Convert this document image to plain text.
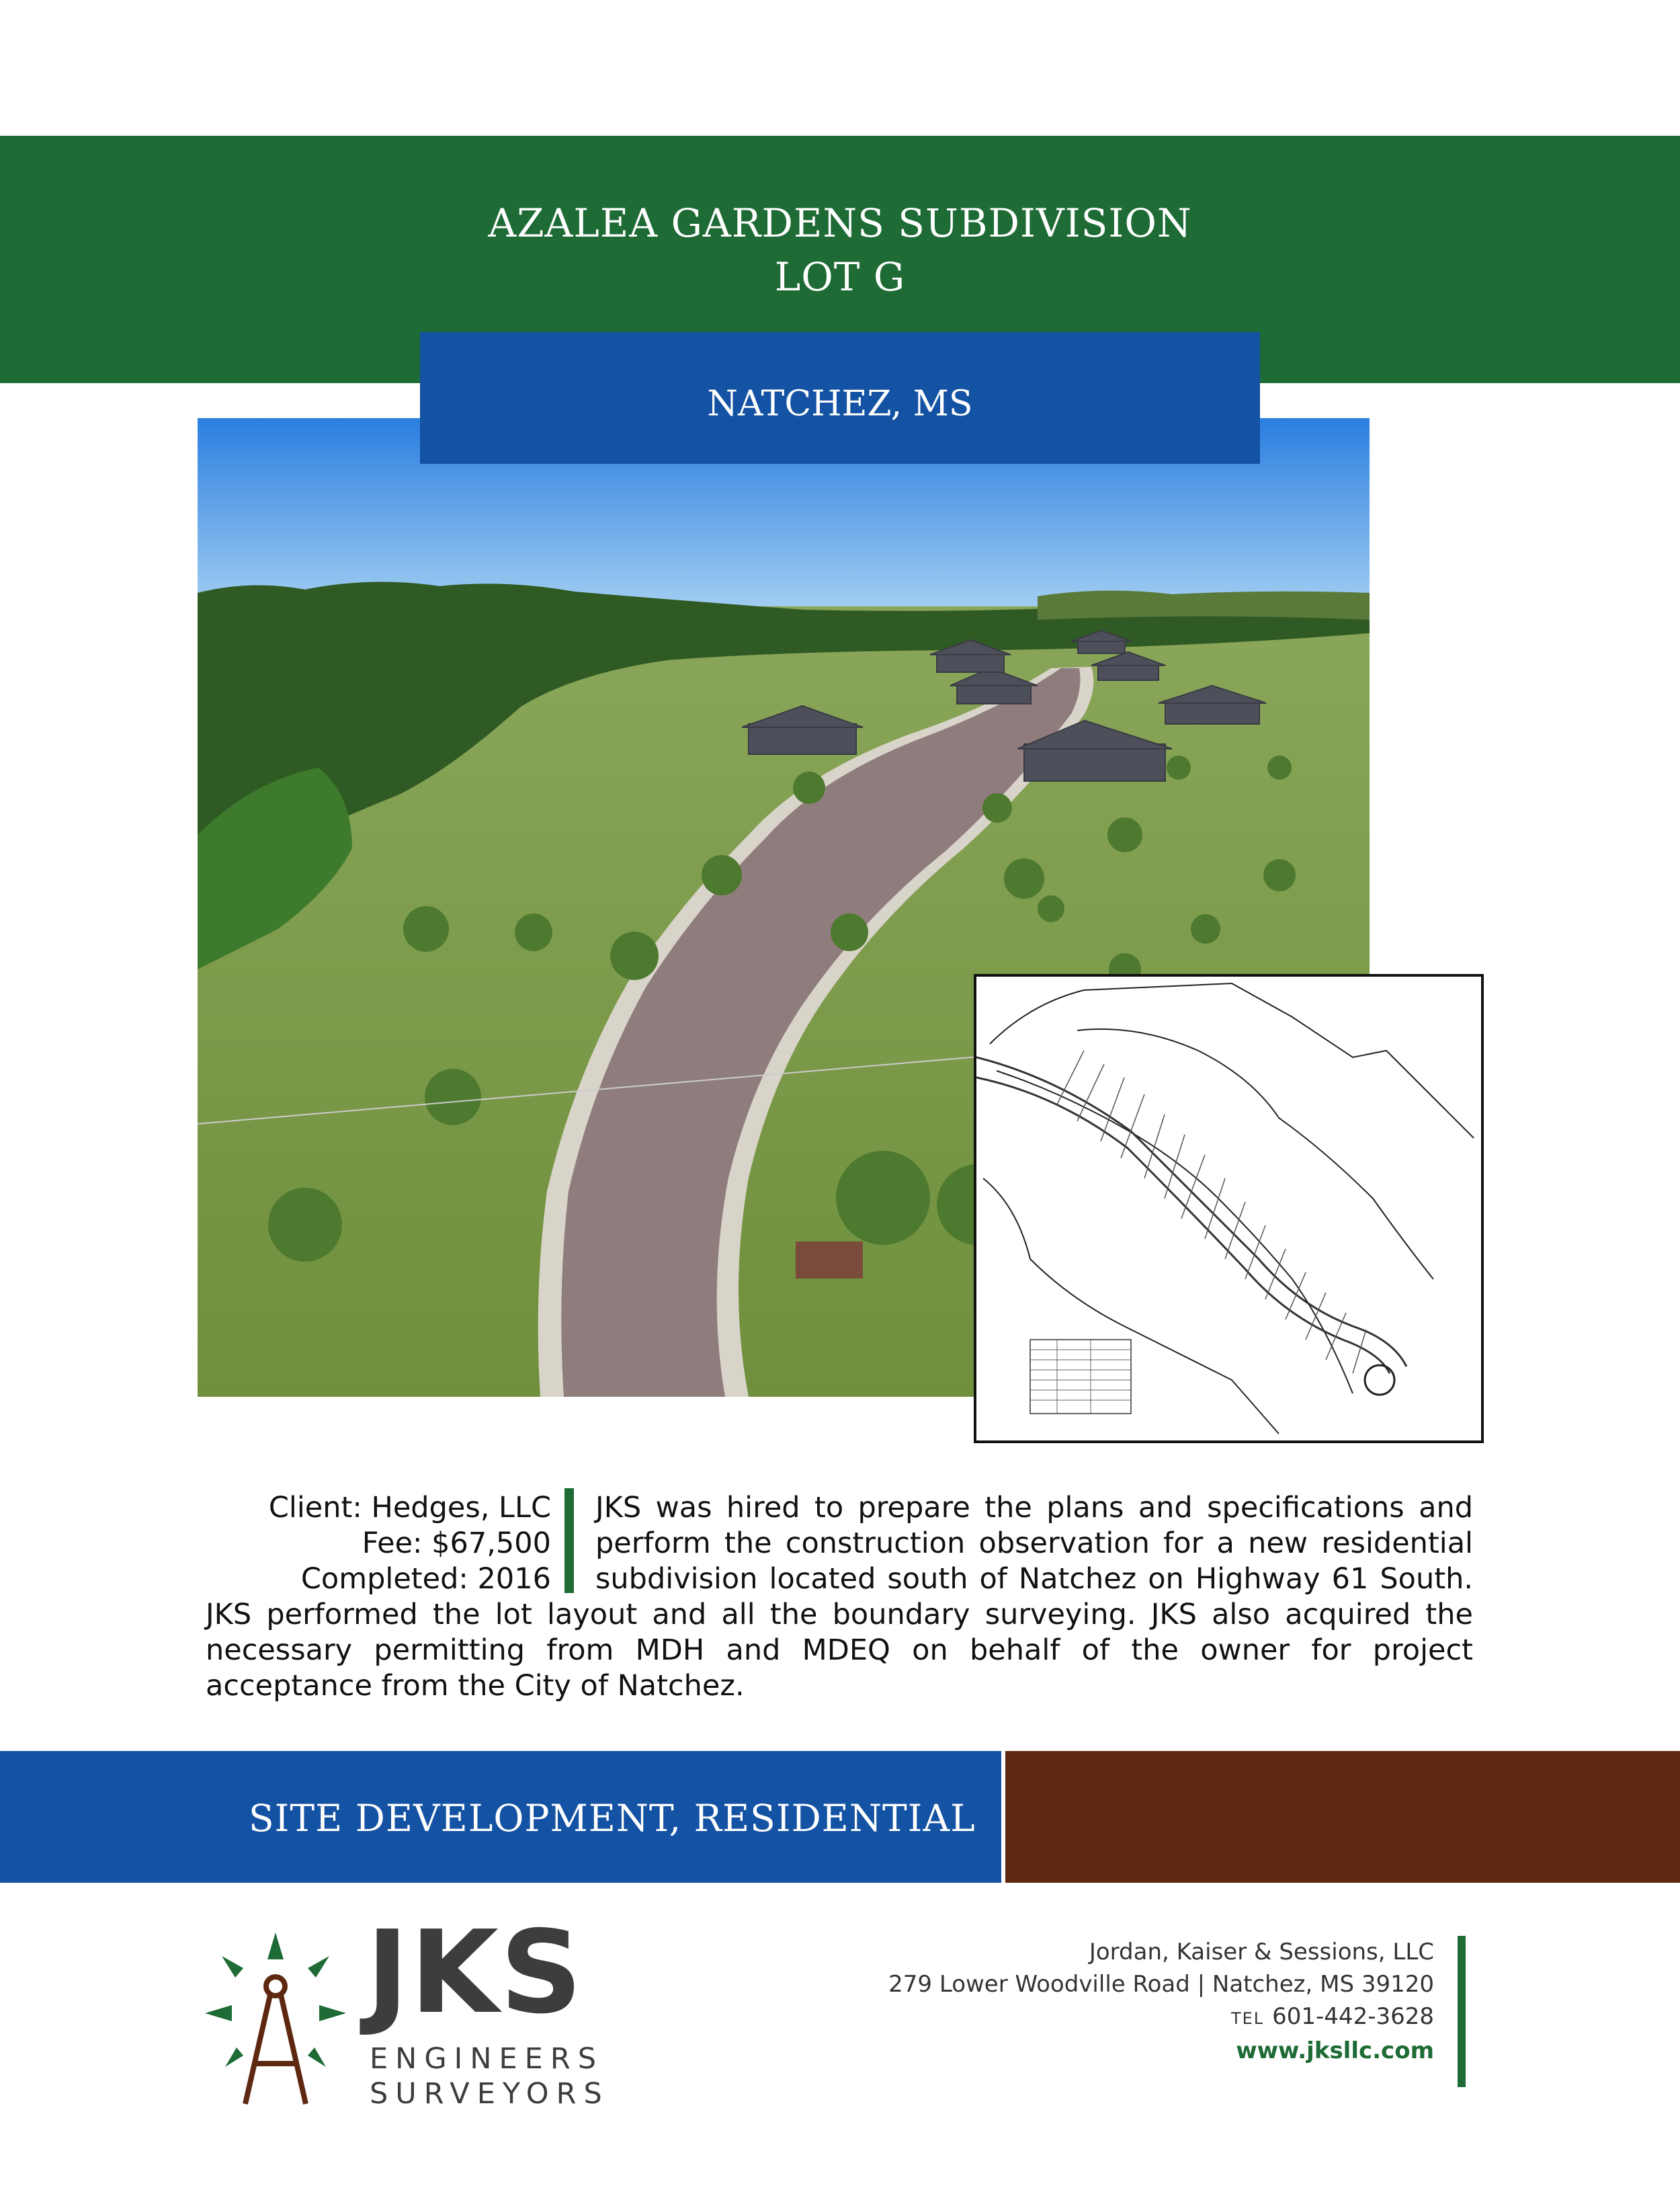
AZALEA GARDENS SUBDIVISION
LOT G
NATCHEZ, MS
Client: Hedges, LLC
Fee: $67,500
Completed: 2016
JKS was hired to prepare the plans and specifications and perform the construction observation for a new residential subdivision located south of Natchez on Highway 61 South. JKS performed the lot layout and all the boundary surveying. JKS also acquired the necessary permitting from MDH and MDEQ on behalf of the owner for project acceptance from the City of Natchez.
SITE DEVELOPMENT, RESIDENTIAL
JKS
ENGINEERS
SURVEYORS
Jordan, Kaiser & Sessions, LLC
279 Lower Woodville Road | Natchez, MS 39120
TEL 601-442-3628
www.jksllc.com
